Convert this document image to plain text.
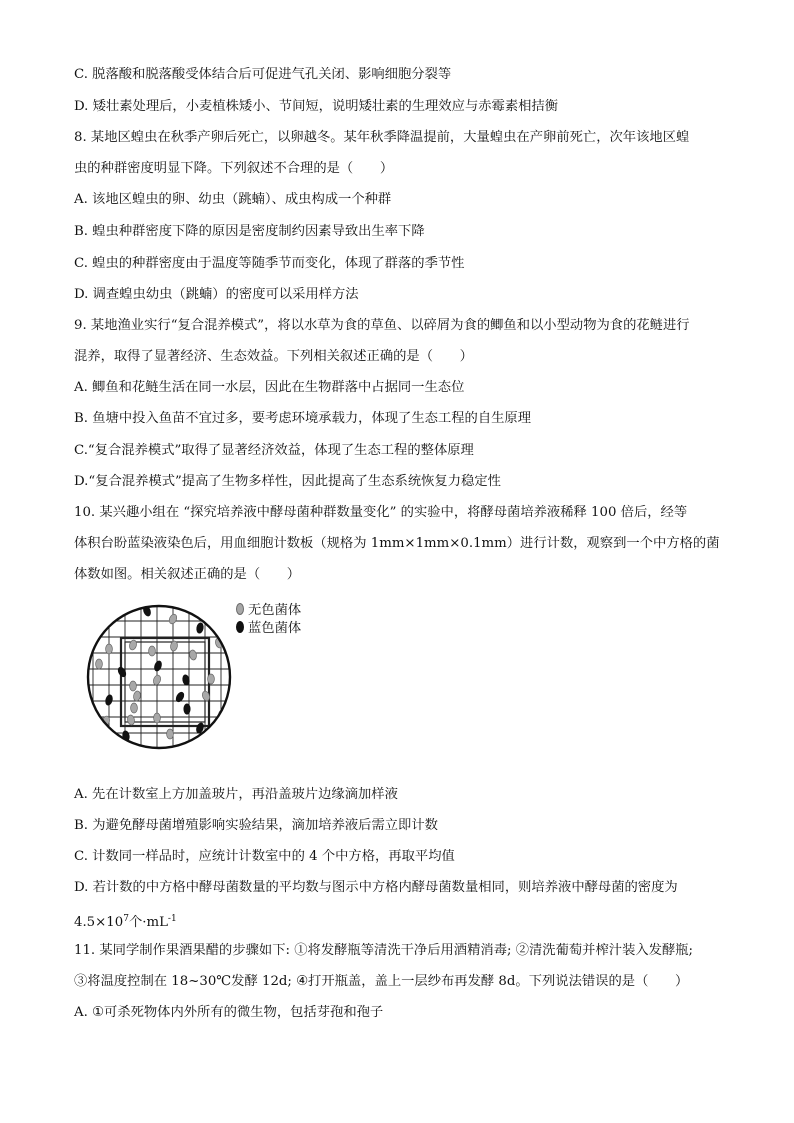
C. 脱落酸和脱落酸受体结合后可促进气孔关闭、影响细胞分裂等
D. 矮壮素处理后，小麦植株矮小、节间短，说明矮壮素的生理效应与赤霉素相拮衡
8. 某地区蝗虫在秋季产卵后死亡，以卵越冬。某年秋季降温提前，大量蝗虫在产卵前死亡，次年该地区蝗
虫的种群密度明显下降。下列叙述不合理的是（　　）
A. 该地区蝗虫的卵、幼虫（跳蝻）、成虫构成一个种群
B. 蝗虫种群密度下降的原因是密度制约因素导致出生率下降
C. 蝗虫的种群密度由于温度等随季节而变化，体现了群落的季节性
D. 调查蝗虫幼虫（跳蝻）的密度可以采用样方法
9. 某地渔业实行“复合混养模式”，将以水草为食的草鱼、以碎屑为食的鲫鱼和以小型动物为食的花鲢进行
混养，取得了显著经济、生态效益。下列相关叙述正确的是（　　）
A. 鲫鱼和花鲢生活在同一水层，因此在生物群落中占据同一生态位
B. 鱼塘中投入鱼苗不宜过多，要考虑环境承载力，体现了生态工程的自生原理
C.“复合混养模式”取得了显著经济效益，体现了生态工程的整体原理
D.“复合混养模式”提高了生物多样性，因此提高了生态系统恢复力稳定性
10. 某兴趣小组在 “探究培养液中酵母菌种群数量变化” 的实验中，将酵母菌培养液稀释 100 倍后，经等
体积台盼蓝染液染色后，用血细胞计数板（规格为 1mm×1mm×0.1mm）进行计数，观察到一个中方格的菌
体数如图。相关叙述正确的是（　　）
无色菌体
蓝色菌体
A. 先在计数室上方加盖玻片，再沿盖玻片边缘滴加样液
B. 为避免酵母菌增殖影响实验结果，滴加培养液后需立即计数
C. 计数同一样品时，应统计计数室中的 4 个中方格，再取平均值
D. 若计数的中方格中酵母菌数量的平均数与图示中方格内酵母菌数量相同，则培养液中酵母菌的密度为
$4.5\times 10^7$个$\cdot mL^{-1}$
11. 某同学制作果酒果醋的步骤如下: ①将发酵瓶等清洗干净后用酒精消毒; ②清洗葡萄并榨汁装入发酵瓶;
③将温度控制在 18~30℃发酵 12d; ④打开瓶盖，盖上一层纱布再发酵 8d。下列说法错误的是（　　）
A. ①可杀死物体内外所有的微生物，包括芽孢和孢子
